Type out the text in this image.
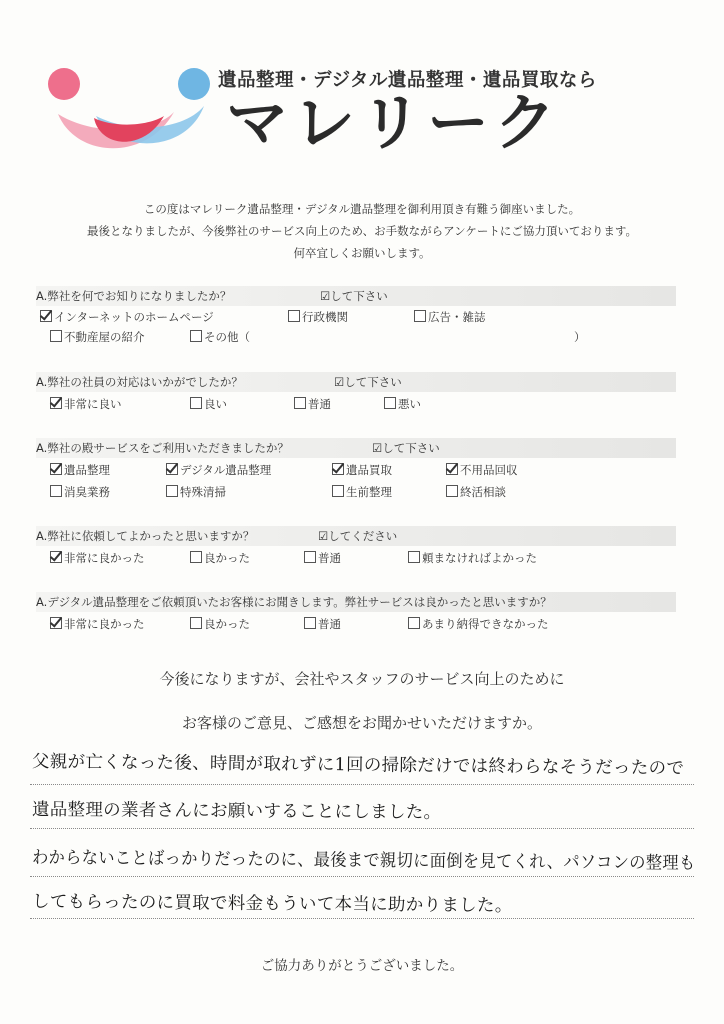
遺品整理・デジタル遺品整理・遺品買取なら
マレリーク
この度はマレリーク遺品整理・デジタル遺品整理を御利用頂き有難う御座いました。
最後となりましたが、今後弊社のサービス向上のため、お手数ながらアンケートにご協力頂いております。
何卒宜しくお願いします。
A.弊社を何でお知りになりましたか？	☑して下さい
インターネットのホームページ	行政機関	広告・雑誌
不動産屋の紹介	その他（	）
A.弊社の社員の対応はいかがでしたか？	☑して下さい
非常に良い	良い	普通	悪い
A.弊社の殿サービスをご利用いただきましたか？	☑して下さい
遺品整理	デジタル遺品整理	遺品買取	不用品回収
消臭業務	特殊清掃	生前整理	終活相談
A.弊社に依頼してよかったと思いますか？	☑してください
非常に良かった	良かった	普通	頼まなければよかった
A.デジタル遺品整理をご依頼頂いたお客様にお聞きします。弊社サービスは良かったと思いますか？
非常に良かった	良かった	普通	あまり納得できなかった
今後になりますが、会社やスタッフのサービス向上のために
お客様のご意見、ご感想をお聞かせいただけますか。
父親が亡くなった後、時間が取れずに1回の掃除だけでは終わらなそうだったので
遺品整理の業者さんにお願いすることにしました。
わからないことばっかりだったのに、最後まで親切に面倒を見てくれ、パソコンの整理も
してもらったのに買取で料金もういて本当に助かりました。
ご協力ありがとうございました。
